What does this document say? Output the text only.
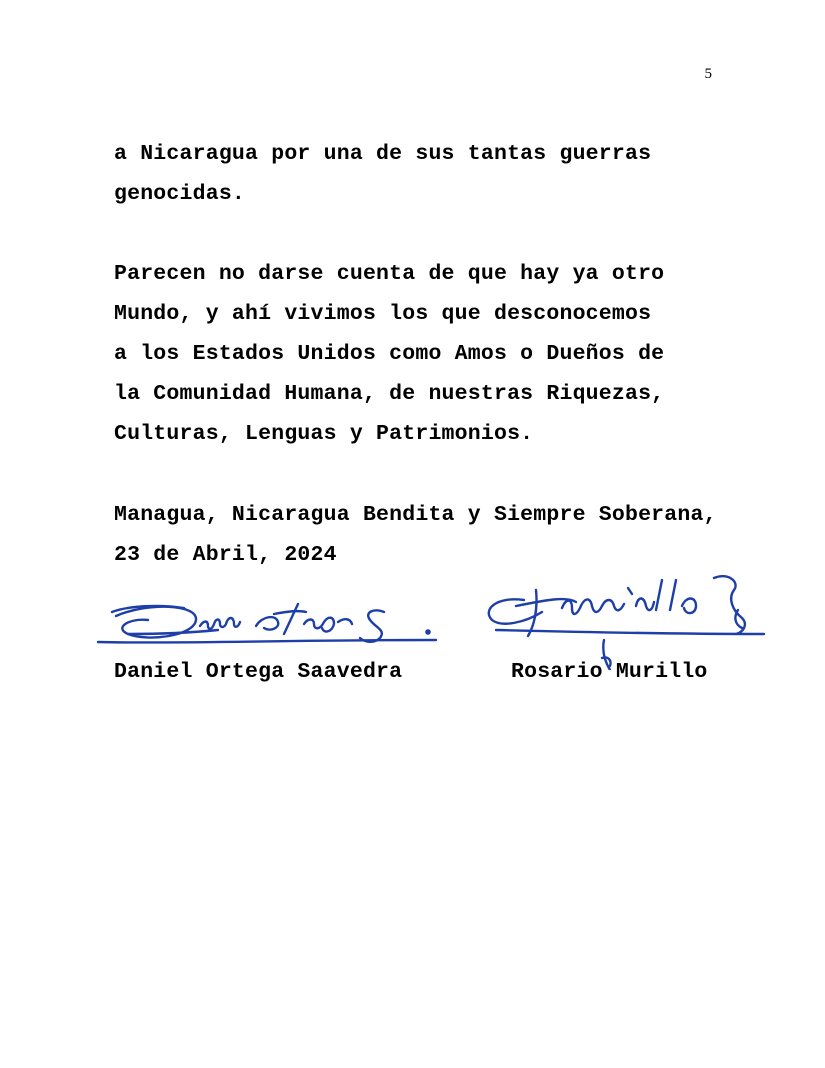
5
a Nicaragua por una de sus tantas guerras
genocidas.
Parecen no darse cuenta de que hay ya otro
Mundo, y ahí vivimos los que desconocemos
a los Estados Unidos como Amos o Dueños de
la Comunidad Humana, de nuestras Riquezas,
Culturas, Lenguas y Patrimonios.
Managua, Nicaragua Bendita y Siempre Soberana,
23 de Abril, 2024
Daniel Ortega Saavedra	Rosario Murillo
